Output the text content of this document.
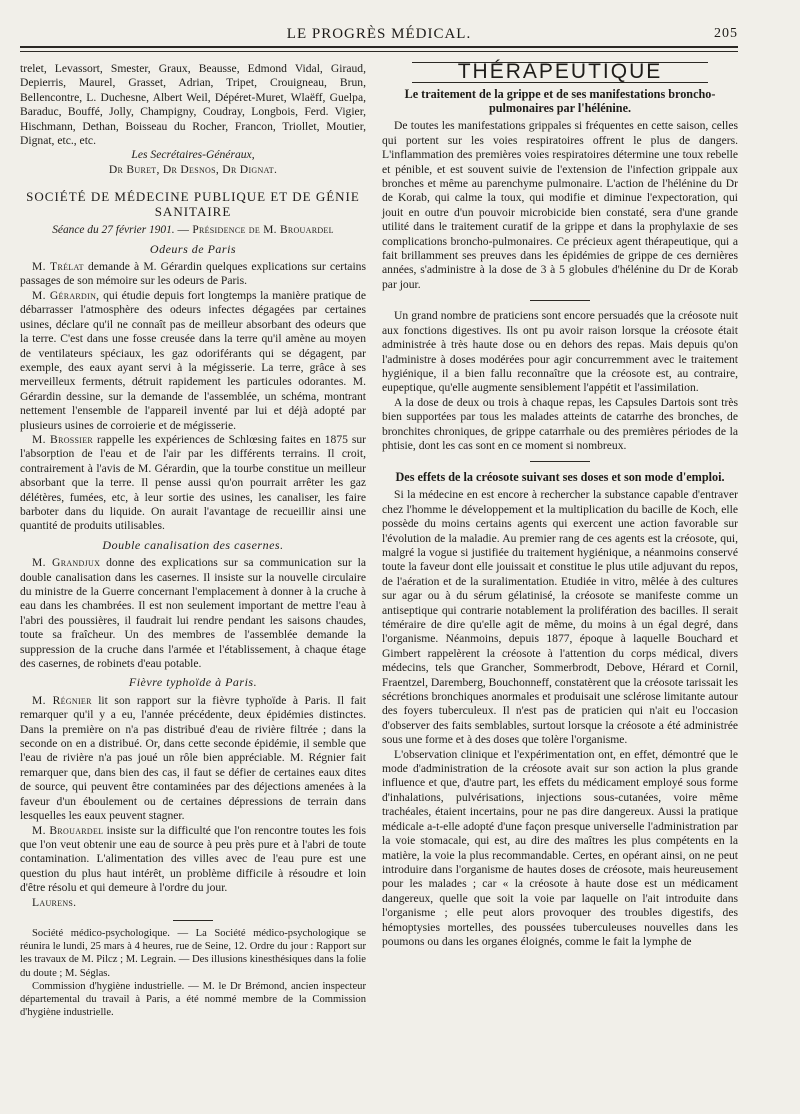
LE PROGRÈS MÉDICAL.	205

trelet, Levassort, Smester, Graux, Beausse, Edmond Vidal, Giraud, Depierris, Maurel, Grasset, Adrian, Tripet, Crouigneau, Brun, Bellencontre, L. Duchesne, Albert Weil, Dépéret-Muret, Wlaëff, Guelpa, Baraduc, Bouffé, Jolly, Champigny, Coudray, Longbois, Ferd. Vigier, Hischmann, Dethan, Boisseau du Rocher, Francon, Triollet, Moutier, Dignat, etc., etc.

Les Secrétaires-Généraux,
Dr Buret, Dr Desnos, Dr Dignat.
SOCIÉTÉ DE MÉDECINE PUBLIQUE ET DE GÉNIE SANITAIRE
Séance du 27 février 1901. — Présidence de M. Brouardel
Odeurs de Paris

M. Trélat demande à M. Gérardin quelques explications sur certains passages de son mémoire sur les odeurs de Paris.

M. Gérardin, qui étudie depuis fort longtemps la manière pratique de débarrasser l'atmosphère des odeurs infectes dégagées par certaines usines, déclare qu'il ne connaît pas de meilleur absorbant des odeurs que la terre. C'est dans une fosse creusée dans la terre qu'il amène au moyen de ventilateurs spéciaux, les gaz odoriférants qui se dégagent, par exemple, des eaux ayant servi à la mégisserie. La terre, grâce à ses merveilleux ferments, détruit rapidement les particules odorantes. M. Gérardin dessine, sur la demande de l'assemblée, un schéma, montrant nettement l'ensemble de l'appareil inventé par lui et déjà adopté par plusieurs usines de corroierie et de mégisserie.

M. Brossier rappelle les expériences de Schlœsing faites en 1875 sur l'absorption de l'eau et de l'air par les différents terrains. Il croit, contrairement à l'avis de M. Gérardin, que la tourbe constitue un meilleur absorbant que la terre. Il pense aussi qu'on pourrait arrêter les gaz délétères, fumées, etc, à leur sortie des usines, les canaliser, les faire barboter dans du liquide. On aurait l'avantage de recueillir ainsi une quantité de produits utilisables.

Double canalisation des casernes.

M. Grandjux donne des explications sur sa communication sur la double canalisation dans les casernes. Il insiste sur la nouvelle circulaire du ministre de la Guerre concernant l'emplacement à donner à la cruche à eau dans les chambrées. Il est non seulement important de mettre l'eau à l'abri des poussières, il faudrait lui rendre pendant les saisons chaudes, toute sa fraîcheur. Un des membres de l'assemblée demande la suppression de la cruche dans l'armée et l'établissement, à chaque étage des casernes, de robinets d'eau potable.

Fièvre typhoïde à Paris.

M. Régnier lit son rapport sur la fièvre typhoïde à Paris. Il fait remarquer qu'il y a eu, l'année précédente, deux épidémies distinctes. Dans la première on n'a pas distribué d'eau de rivière filtrée ; dans la seconde on en a distribué. Or, dans cette seconde épidémie, il semble que l'eau de rivière n'a pas joué un rôle bien appréciable. M. Régnier fait remarquer que, dans bien des cas, il faut se défier de certaines eaux dites de source, qui peuvent être contaminées par des déjections amenées à la faveur d'un éboulement ou de certaines dépressions de terrain dans lesquelles les eaux peuvent stagner.

M. Brouardel insiste sur la difficulté que l'on rencontre toutes les fois que l'on veut obtenir une eau de source à peu près pure et à l'abri de toute contamination. L'alimentation des villes avec de l'eau pure est une question du plus haut intérêt, un problème difficile à résoudre et loin d'être résolu et qui demeure à l'ordre du jour.

Laurens.

Société médico-psychologique. — La Société médico-psychologique se réunira le lundi, 25 mars à 4 heures, rue de Seine, 12. Ordre du jour : Rapport sur les travaux de M. Pilcz ; M. Legrain. — Des illusions kinesthésiques dans la folie du doute ; M. Séglas.

Commission d'hygiène industrielle. — M. le Dr Brémond, ancien inspecteur départemental du travail à Paris, a été nommé membre de la Commission d'hygiène industrielle.

THÉRAPEUTIQUE
Le traitement de la grippe et de ses manifestations broncho-pulmonaires par l'hélénine.

De toutes les manifestations grippales si fréquentes en cette saison, celles qui portent sur les voies respiratoires offrent le plus de dangers. L'inflammation des premières voies respiratoires détermine une toux rebelle et pénible, et est souvent suivie de l'extension de l'infection grippale aux bronches et même au parenchyme pulmonaire. L'action de l'hélénine du Dr de Korab, qui calme la toux, qui modifie et diminue l'expectoration, qui jouit en outre d'un pouvoir microbicide bien constaté, sera d'une grande utilité dans le traitement curatif de la grippe et dans la prophylaxie de ses complications broncho-pulmonaires. Ce précieux agent thérapeutique, qui a fait brillamment ses preuves dans les épidémies de grippe de ces dernières années, s'administre à la dose de 3 à 5 globules d'hélénine du Dr de Korab par jour.

Un grand nombre de praticiens sont encore persuadés que la créosote nuit aux fonctions digestives. Ils ont pu avoir raison lorsque la créosote était administrée à très haute dose ou en dehors des repas. Mais depuis qu'on l'administre à doses modérées pour agir concurremment avec le traitement hygiénique, il a bien fallu reconnaître que la créosote est, au contraire, eupeptique, qu'elle augmente sensiblement l'appétit et l'assimilation.

A la dose de deux ou trois à chaque repas, les Capsules Dartois sont très bien supportées par tous les malades atteints de catarrhe des bronches, de bronchites chroniques, de grippe catarrhale ou des premières périodes de la phtisie, dont les cas sont en ce moment si nombreux.

Des effets de la créosote suivant ses doses et son mode d'emploi.

Si la médecine en est encore à rechercher la substance capable d'entraver chez l'homme le développement et la multiplication du bacille de Koch, elle possède du moins certains agents qui exercent une action favorable sur l'évolution de la maladie. Au premier rang de ces agents est la créosote, qui, malgré la vogue si justifiée du traitement hygiénique, a néanmoins conservé toute la faveur dont elle jouissait et constitue le plus utile adjuvant du repos, de l'aération et de la suralimentation. Etudiée in vitro, mêlée à des cultures sur agar ou à du sérum gélatinisé, la créosote se manifeste comme un antiseptique qui contrarie notablement la prolifération des bacilles. Il serait téméraire de dire qu'elle agit de même, du moins à un égal degré, dans l'organisme. Néanmoins, depuis 1877, époque à laquelle Bouchard et Gimbert rappelèrent la créosote à l'attention du corps médical, divers médecins, tels que Grancher, Sommerbrodt, Debove, Hérard et Cornil, Fraentzel, Daremberg, Bouchonneff, constatèrent que la créosote tarissait les sécrétions bronchiques anormales et produisait une sclérose limitante autour des foyers tuberculeux. Il n'est pas de praticien qui n'ait eu l'occasion d'observer des faits semblables, surtout lorsque la créosote a été administrée sous une forme et à des doses que tolère l'organisme.

L'observation clinique et l'expérimentation ont, en effet, démontré que le mode d'administration de la créosote avait sur son action la plus grande influence et que, d'autre part, les effets du médicament employé sous forme d'inhalations, pulvérisations, injections sous-cutanées, voire même trachéales, étaient incertains, pour ne pas dire dangereux. Aussi la pratique médicale a-t-elle adopté d'une façon presque universelle l'administration par la voie stomacale, qui est, au dire des maîtres les plus compétents en la matière, la voie la plus recommandable. Certes, en opérant ainsi, on ne peut introduire dans l'organisme de hautes doses de créosote, mais heureusement pour les malades ; car « la créosote à haute dose est un médicament dangereux, quelle que soit la voie par laquelle on l'ait introduite dans l'organisme ; elle peut alors provoquer des troubles digestifs, des hémoptysies mortelles, des poussées tuberculeuses nouvelles dans les poumons ou dans les organes éloignés, comme le fait la lymphe de
